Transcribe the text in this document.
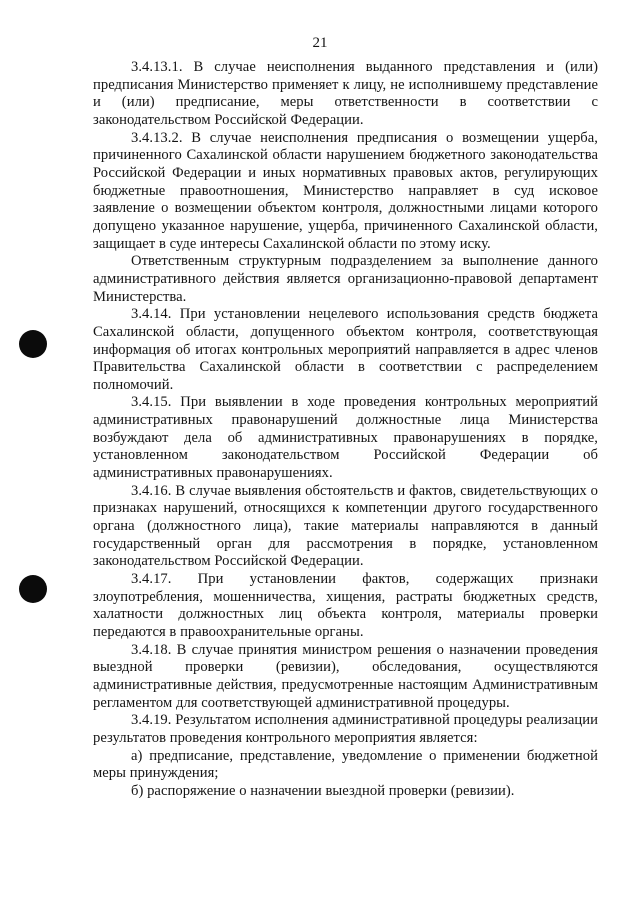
21

3.4.13.1. В случае неисполнения выданного представления и (или) предписания Министерство применяет к лицу, не исполнившему представление и (или) предписание, меры ответственности в соответствии с законодательством Российской Федерации.

3.4.13.2. В случае неисполнения предписания о возмещении ущерба, причиненного Сахалинской области нарушением бюджетного законодательства Российской Федерации и иных нормативных правовых актов, регулирующих бюджетные правоотношения, Министерство направляет в суд исковое заявление о возмещении объектом контроля, должностными лицами которого допущено указанное нарушение, ущерба, причиненного Сахалинской области, защищает в суде интересы Сахалинской области по этому иску.

Ответственным структурным подразделением за выполнение данного административного действия является организационно-правовой департамент Министерства.

3.4.14. При установлении нецелевого использования средств бюджета Сахалинской области, допущенного объектом контроля, соответствующая информация об итогах контрольных мероприятий направляется в адрес членов Правительства Сахалинской области в соответствии с распределением полномочий.

3.4.15. При выявлении в ходе проведения контрольных мероприятий административных правонарушений должностные лица Министерства возбуждают дела об административных правонарушениях в порядке, установленном законодательством Российской Федерации об административных правонарушениях.

3.4.16. В случае выявления обстоятельств и фактов, свидетельствующих о признаках нарушений, относящихся к компетенции другого государственного органа (должностного лица), такие материалы направляются в данный государственный орган для рассмотрения в порядке, установленном законодательством Российской Федерации.

3.4.17. При установлении фактов, содержащих признаки злоупотребления, мошенничества, хищения, растраты бюджетных средств, халатности должностных лиц объекта контроля, материалы проверки передаются в правоохранительные органы.

3.4.18. В случае принятия министром решения о назначении проведения выездной проверки (ревизии), обследования, осуществляются административные действия, предусмотренные настоящим Административным регламентом для соответствующей административной процедуры.

3.4.19. Результатом исполнения административной процедуры реализации результатов проведения контрольного мероприятия является:

а) предписание, представление, уведомление о применении бюджетной меры принуждения;

б) распоряжение о назначении выездной проверки (ревизии).
